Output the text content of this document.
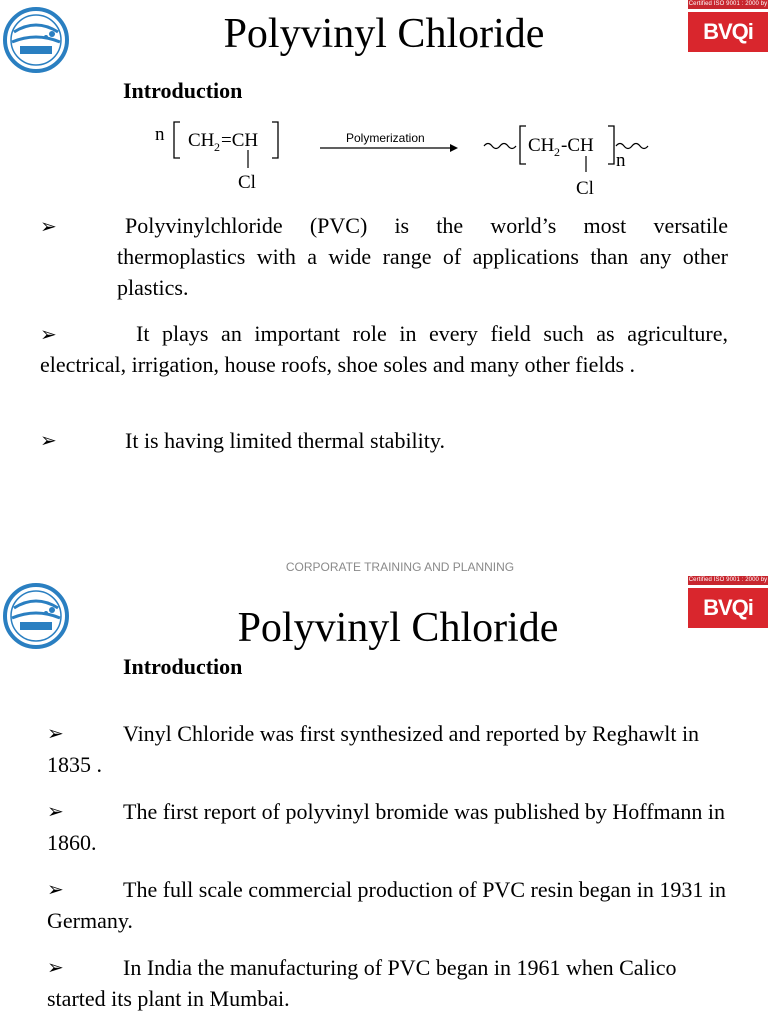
Certified ISO 9001 : 2000 by
BVQi
Polyvinyl Chloride
Introduction
n CH 2 =CH
Cl
Polymerization	CH 2 -CH
n
Cl
➢	Polyvinylchloride (PVC) is the world’s most versatile thermoplastics with a wide range of applications than any other plastics.
➢	It plays an important role in every field such as agriculture, electrical, irrigation, house roofs, shoe soles and many other fields .
➢	It is having limited thermal stability.
CORPORATE TRAINING AND PLANNING
Certified ISO 9001 : 2000 by
BVQi
Polyvinyl Chloride
Introduction
➢	Vinyl Chloride was first synthesized and reported by Reghawlt in 1835 .
➢	The first report of polyvinyl bromide was published by Hoffmann in 1860.
➢	The full scale commercial production of PVC resin began in 1931 in Germany.
➢	In India the manufacturing of PVC began in 1961 when Calico started its plant in Mumbai.
